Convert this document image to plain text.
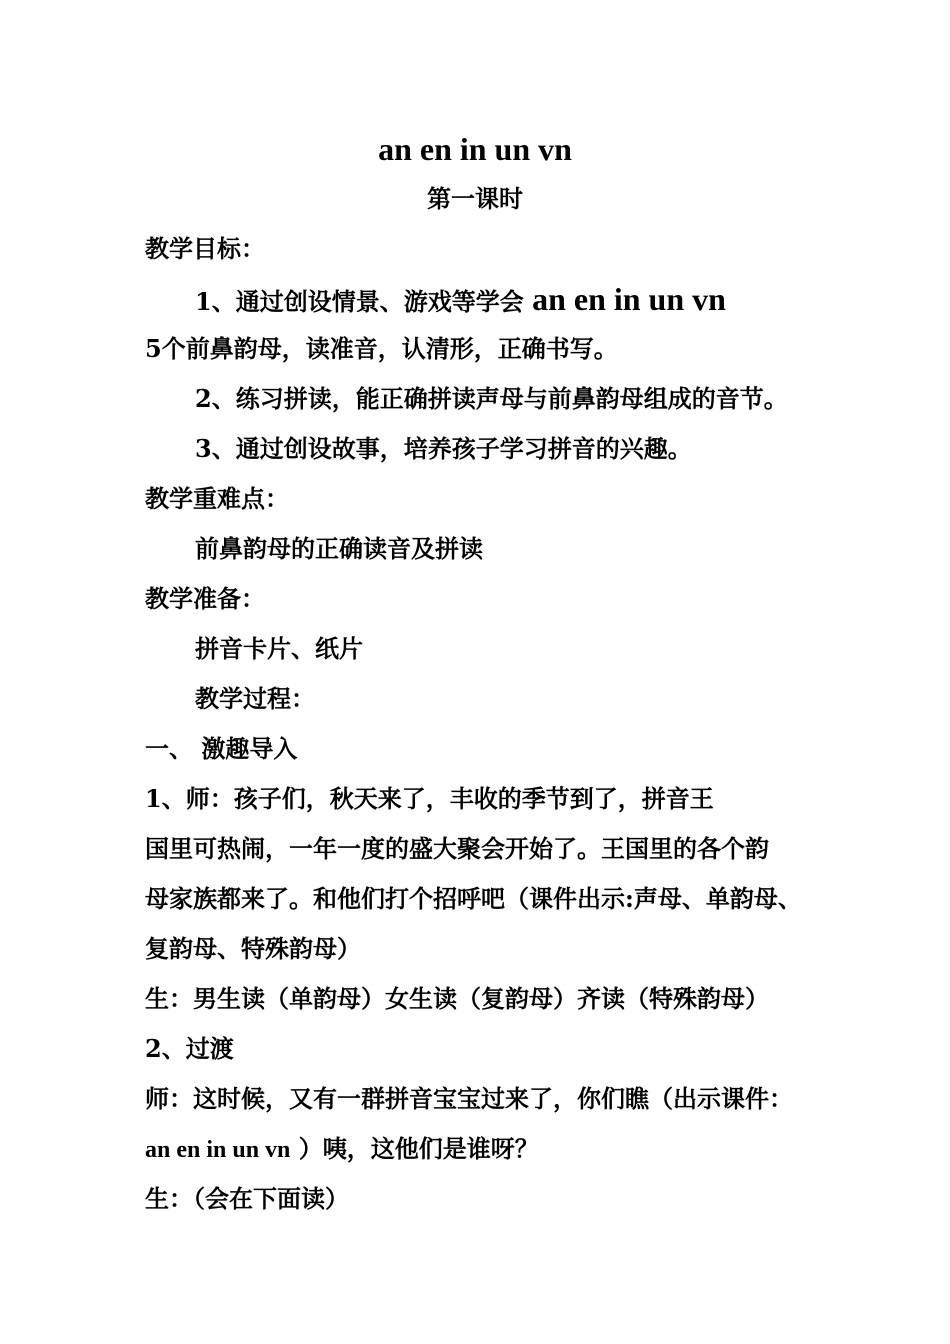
an en in un vn
第一课时
教学目标：
1、通过创设情景、游戏等学会 an en in un vn
5个前鼻韵母，读准音，认清形，正确书写。
2、练习拼读，能正确拼读声母与前鼻韵母组成的音节。
3、通过创设故事，培养孩子学习拼音的兴趣。
教学重难点：
前鼻韵母的正确读音及拼读
教学准备：
拼音卡片、纸片
教学过程：
一、 激趣导入
1、师：孩子们，秋天来了，丰收的季节到了，拼音王
国里可热闹，一年一度的盛大聚会开始了。王国里的各个韵
母家族都来了。和他们打个招呼吧（课件出示:声母、单韵母、
复韵母、特殊韵母）
生：男生读（单韵母）女生读（复韵母）齐读（特殊韵母）
2、过渡
师：这时候，又有一群拼音宝宝过来了，你们瞧（出示课件：
an en in un vn ）咦，这他们是谁呀？
生：（会在下面读）
